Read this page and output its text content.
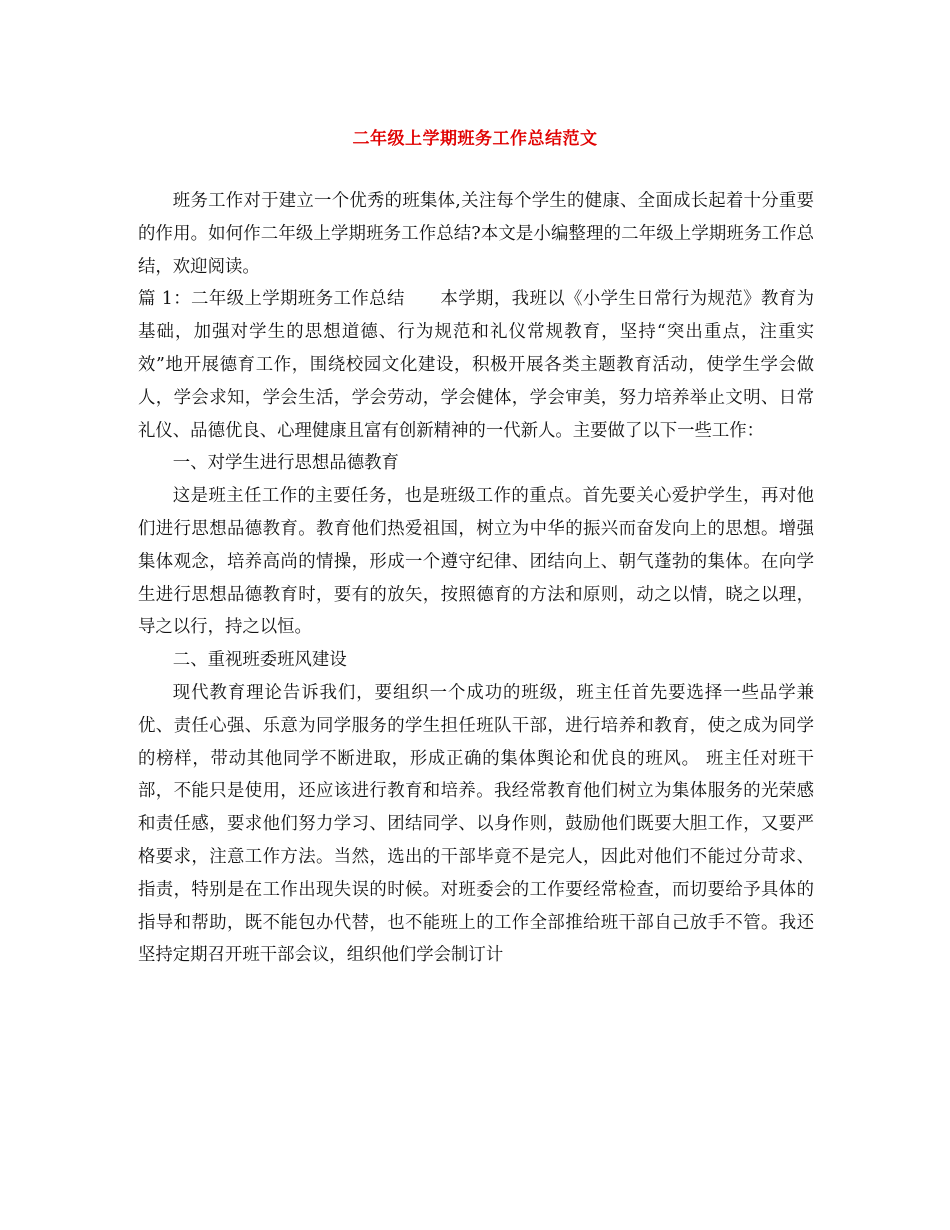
二年级上学期班务工作总结范文

班务工作对于建立一个优秀的班集体,关注每个学生的健康、全面成长起着十分重要的作用。如何作二年级上学期班务工作总结?本文是小编整理的二年级上学期班务工作总结，欢迎阅读。

篇 1：二年级上学期班务工作总结　　本学期，我班以《小学生日常行为规范》教育为基础，加强对学生的思想道德、行为规范和礼仪常规教育，坚持“突出重点，注重实效”地开展德育工作，围绕校园文化建设，积极开展各类主题教育活动，使学生学会做人，学会求知，学会生活，学会劳动，学会健体，学会审美，努力培养举止文明、日常礼仪、品德优良、心理健康且富有创新精神的一代新人。主要做了以下一些工作：

一、对学生进行思想品德教育

这是班主任工作的主要任务，也是班级工作的重点。首先要关心爱护学生，再对他们进行思想品德教育。教育他们热爱祖国，树立为中华的振兴而奋发向上的思想。增强集体观念，培养高尚的情操，形成一个遵守纪律、团结向上、朝气蓬勃的集体。在向学生进行思想品德教育时，要有的放矢，按照德育的方法和原则，动之以情，晓之以理，导之以行，持之以恒。

二、重视班委班风建设

现代教育理论告诉我们，要组织一个成功的班级，班主任首先要选择一些品学兼优、责任心强、乐意为同学服务的学生担任班队干部，进行培养和教育，使之成为同学的榜样，带动其他同学不断进取，形成正确的集体舆论和优良的班风。 班主任对班干部，不能只是使用，还应该进行教育和培养。我经常教育他们树立为集体服务的光荣感和责任感，要求他们努力学习、团结同学、以身作则，鼓励他们既要大胆工作，又要严格要求，注意工作方法。当然，选出的干部毕竟不是完人，因此对他们不能过分苛求、指责，特别是在工作出现失误的时候。对班委会的工作要经常检查，而切要给予具体的指导和帮助，既不能包办代替，也不能班上的工作全部推给班干部自己放手不管。我还坚持定期召开班干部会议，组织他们学会制订计
